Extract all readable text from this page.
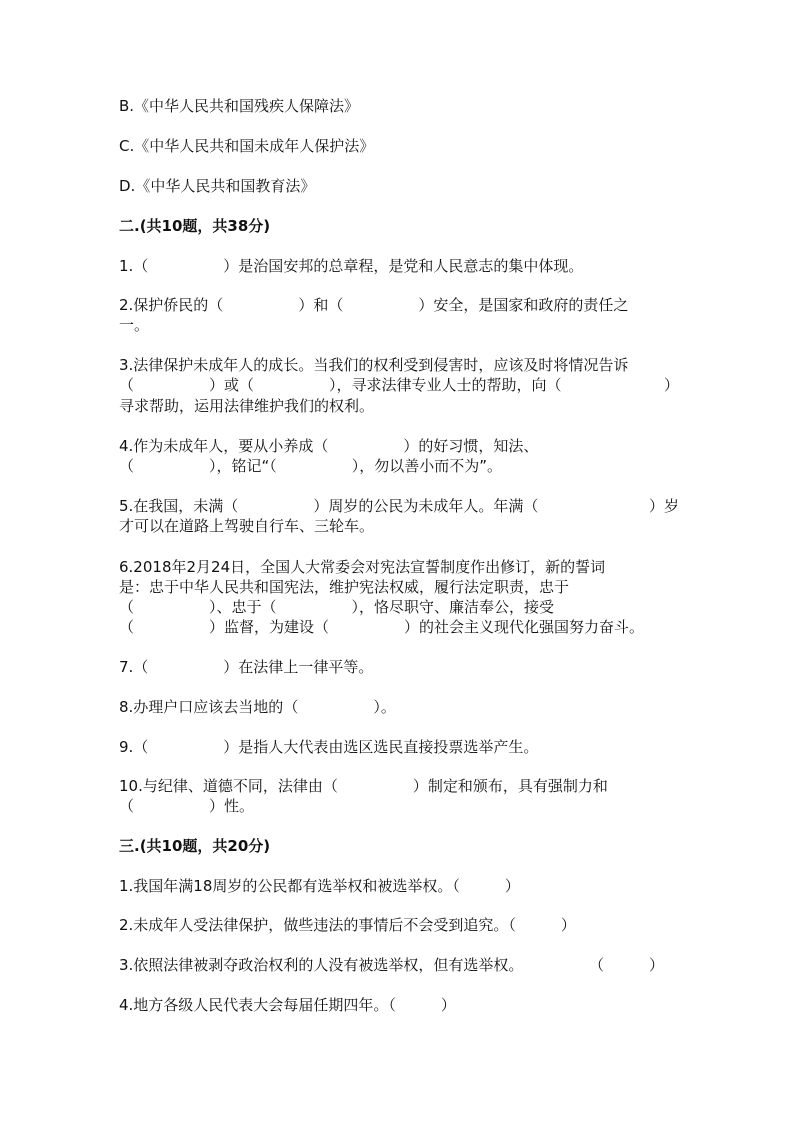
B.《中华人民共和国残疾人保障法》
C.《中华人民共和国未成年人保护法》
D.《中华人民共和国教育法》
二.(共10题，共38分)
1.（　　　　　）是治国安邦的总章程，是党和人民意志的集中体现。
2.保护侨民的（　　　　　）和（　　　　　）安全，是国家和政府的责任之
一。
3.法律保护未成年人的成长。当我们的权利受到侵害时，应该及时将情况告诉
（　　　　　）或（　　　　　），寻求法律专业人士的帮助，向（	）
寻求帮助，运用法律维护我们的权利。
4.作为未成年人，要从小养成（　　　　　）的好习惯，知法、
（　　　　　），铭记“（　　　　　），勿以善小而不为”。
5.在我国，未满（　　　　　）周岁的公民为未成年人。年满（	）岁
才可以在道路上驾驶自行车、三轮车。
6.2018年2月24日，全国人大常委会对宪法宣誓制度作出修订，新的誓词
是：忠于中华人民共和国宪法，维护宪法权威，履行法定职责，忠于
（　　　　　）、忠于（　　　　　），恪尽职守、廉洁奉公，接受
（　　　　　）监督，为建设（　　　　　）的社会主义现代化强国努力奋斗。
7.（　　　　　）在法律上一律平等。
8.办理户口应该去当地的（　　　　　）。
9.（　　　　　）是指人大代表由选区选民直接投票选举产生。
10.与纪律、道德不同，法律由（　　　　　）制定和颁布，具有强制力和
（　　　　　）性。
三.(共10题，共20分)
1.我国年满18周岁的公民都有选举权和被选举权。（　　　）
2.未成年人受法律保护，做些违法的事情后不会受到追究。（　　　）
3.依照法律被剥夺政治权利的人没有被选举权，但有选举权。	（　　　）
4.地方各级人民代表大会每届任期四年。（　　　）
